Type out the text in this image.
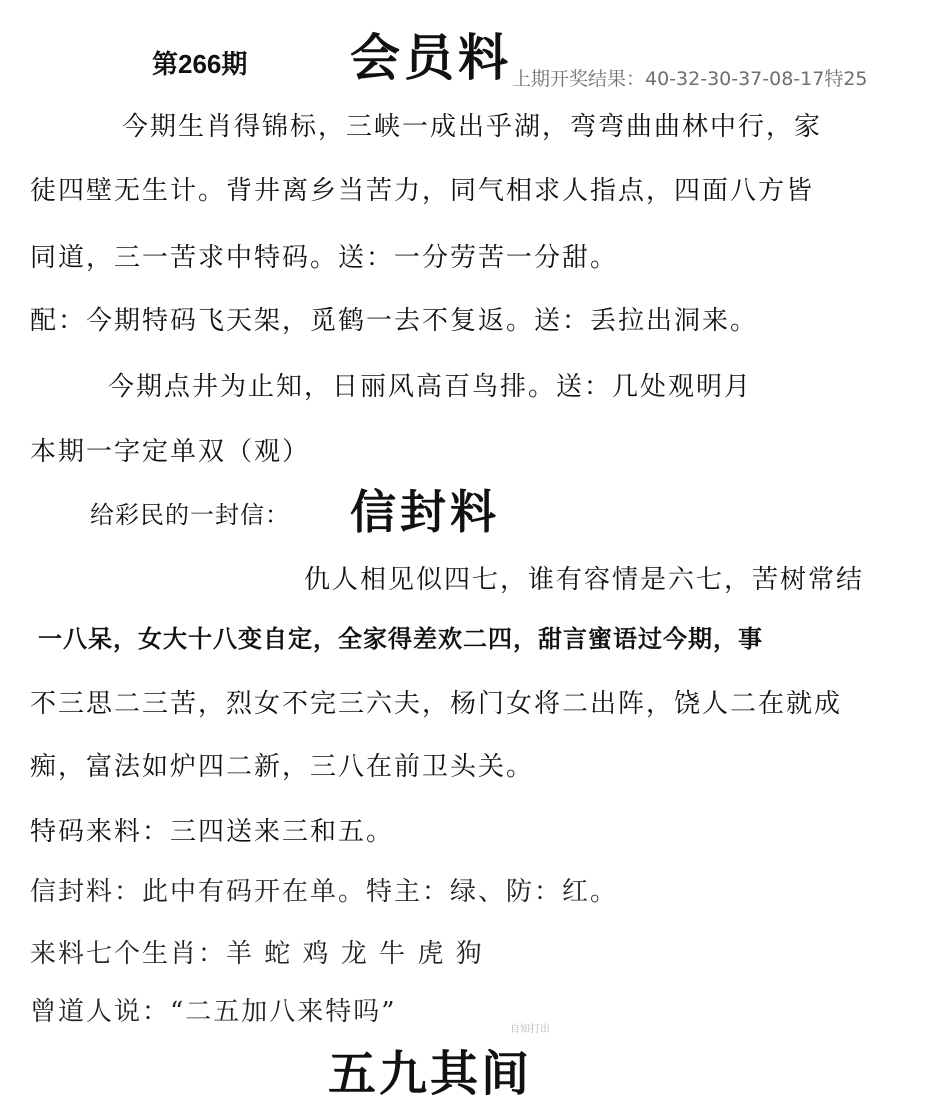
第266期 会员料 上期开奖结果：40-32-30-37-08-17特25
今期生肖得锦标，三峡一成出乎湖，弯弯曲曲林中行，家
徒四壁无生计。背井离乡当苦力，同气相求人指点，四面八方皆
同道，三一苦求中特码。送：一分劳苦一分甜。
配：今期特码飞天架，觅鹤一去不复返。送：丢拉出洞来。
今期点井为止知，日丽风高百鸟排。送：几处观明月
本期一字定单双（观）
给彩民的一封信： 信封料
仇人相见似四七，谁有容情是六七，苦树常结
一八呆，女大十八变自定，全家得差欢二四，甜言蜜语过今期，事
不三思二三苦，烈女不完三六夫，杨门女将二出阵，饶人二在就成
痴，富法如炉四二新，三八在前卫头关。
特码来料：三四送来三和五。
信封料：此中有码开在单。特主：绿、防：红。
来料七个生肖：羊 蛇 鸡 龙 牛 虎 狗
曾道人说：“二五加八来特吗”
自知打出
五九其间
